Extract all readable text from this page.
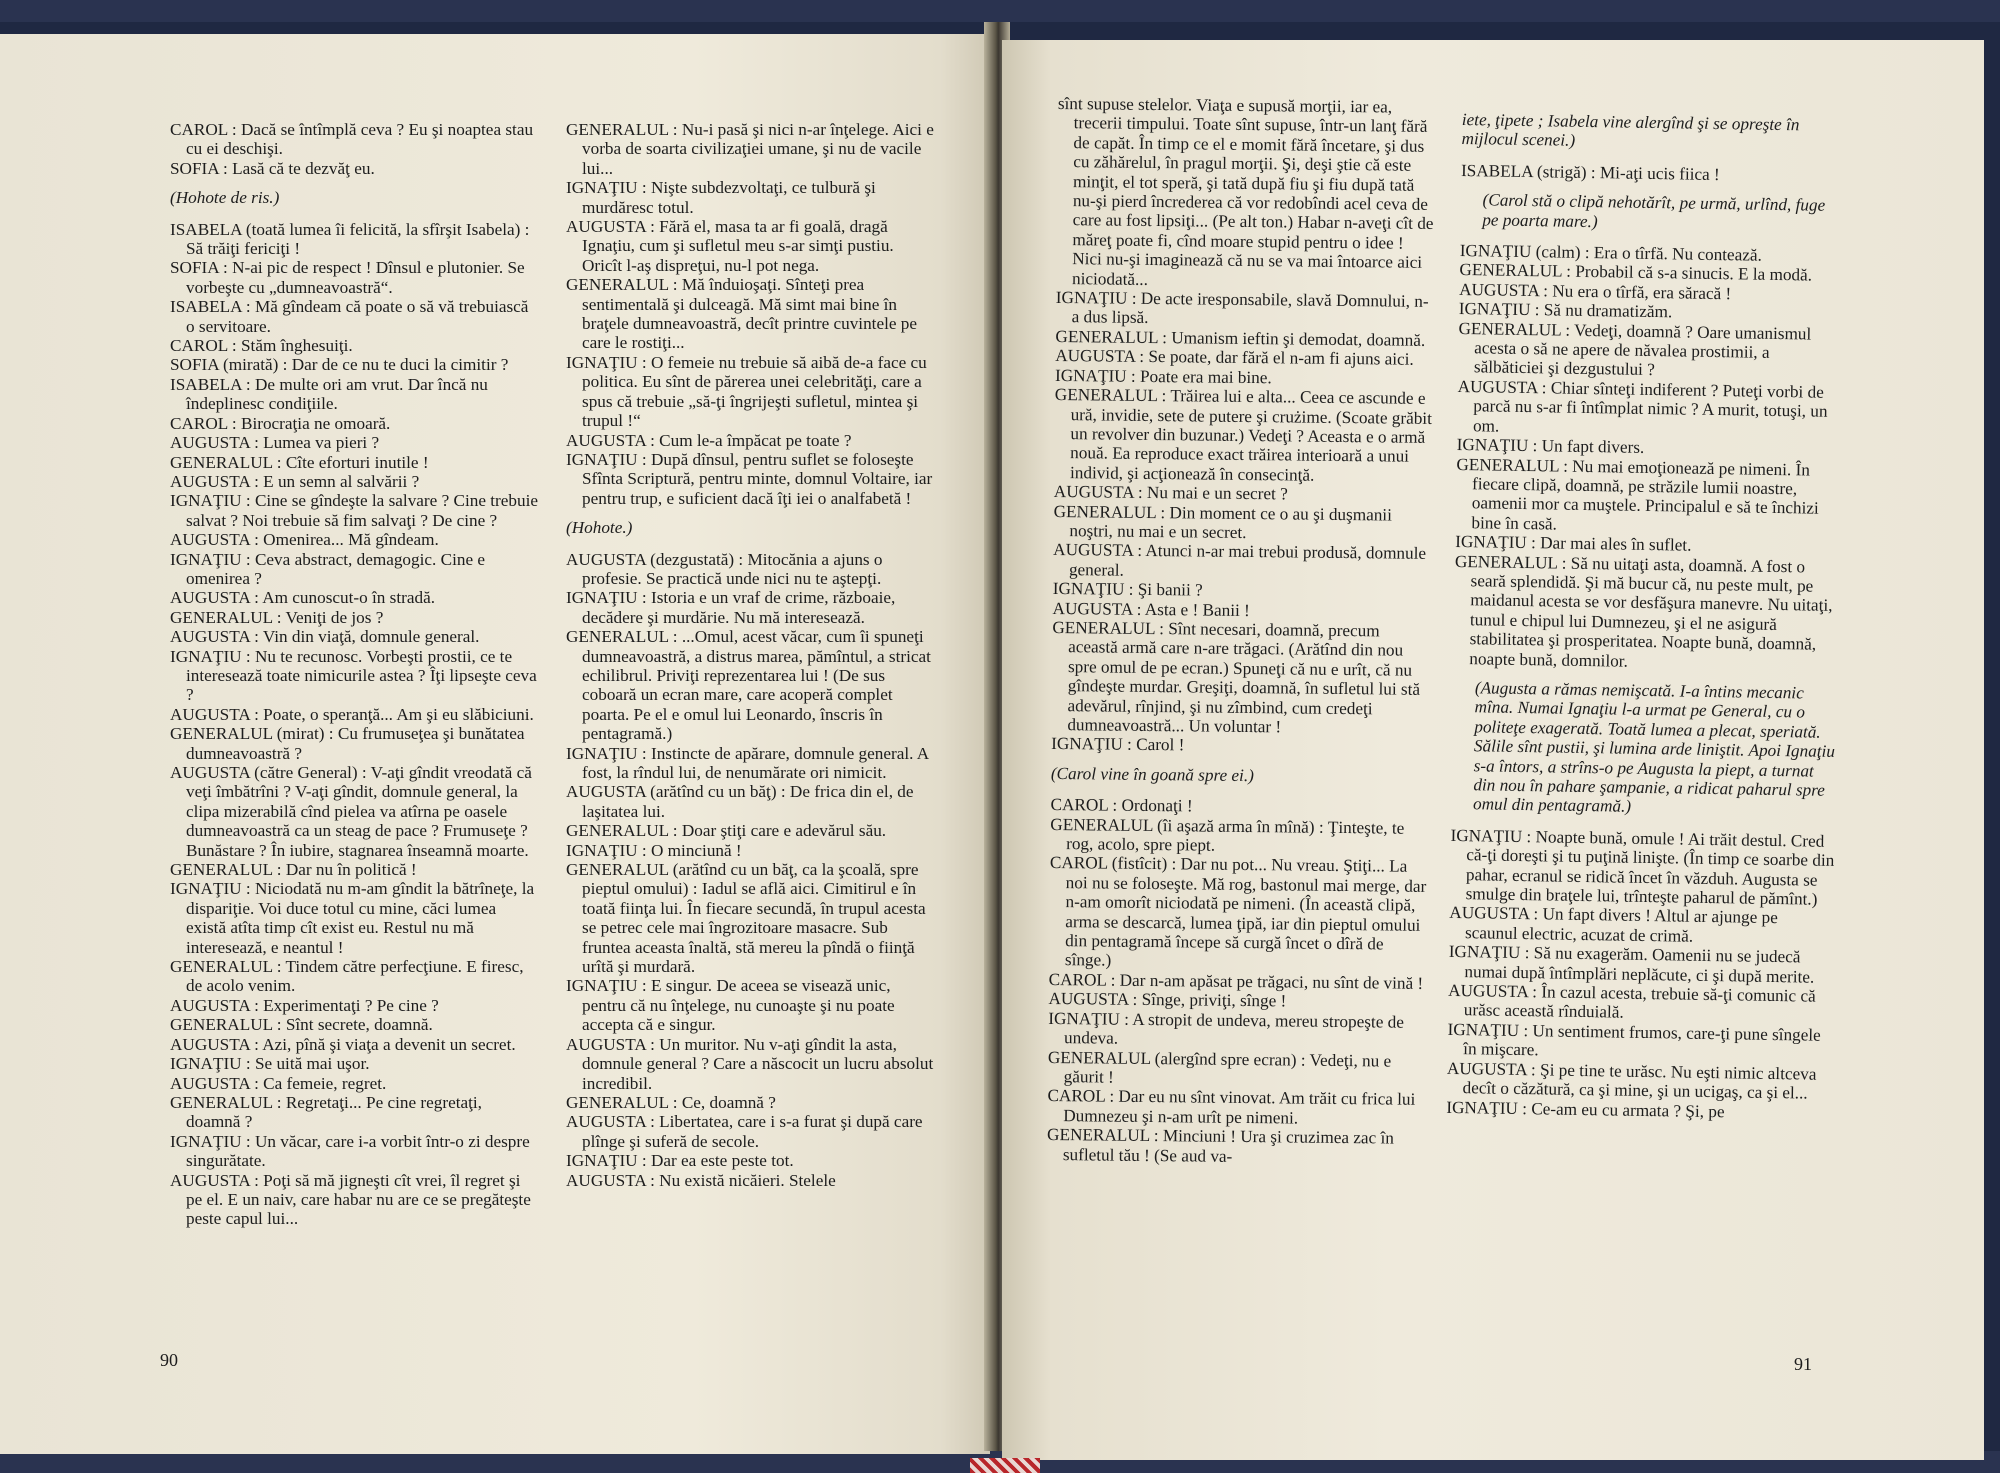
CAROL : Dacă se întîmplă ceva ? Eu şi noaptea stau cu ei deschişi.

SOFIA : Lasă că te dezvăţ eu.

(Hohote de ris.)

ISABELA (toată lumea îi felicită, la sfîrşit Isabela) : Să trăiţi fericiţi !

SOFIA : N-ai pic de respect ! Dînsul e plutonier. Se vorbeşte cu „dumneavoastră“.

ISABELA : Mă gîndeam că poate o să vă trebuiască o servitoare.

CAROL : Stăm înghesuiţi.

SOFIA (mirată) : Dar de ce nu te duci la cimitir ?

ISABELA : De multe ori am vrut. Dar încă nu îndeplinesc condiţiile.

CAROL : Birocraţia ne omoară.

AUGUSTA : Lumea va pieri ?

GENERALUL : Cîte eforturi inutile !

AUGUSTA : E un semn al salvării ?

IGNAŢIU : Cine se gîndeşte la salvare ? Cine trebuie salvat ? Noi trebuie să fim salvaţi ? De cine ?

AUGUSTA : Omenirea... Mă gîndeam.

IGNAŢIU : Ceva abstract, demagogic. Cine e omenirea ?

AUGUSTA : Am cunoscut-o în stradă.

GENERALUL : Veniţi de jos ?

AUGUSTA : Vin din viaţă, domnule general.

IGNAŢIU : Nu te recunosc. Vorbeşti prostii, ce te interesează toate nimicurile astea ? Îţi lipseşte ceva ?

AUGUSTA : Poate, o speranţă... Am şi eu slăbiciuni.

GENERALUL (mirat) : Cu frumuseţea şi bunătatea dumneavoastră ?

AUGUSTA (către General) : V-aţi gîndit vreodată că veţi îmbătrîni ? V-aţi gîndit, domnule general, la clipa mizerabilă cînd pielea va atîrna pe oasele dumneavoastră ca un steag de pace ? Frumuseţe ? Bunăstare ? În iubire, stagnarea înseamnă moarte.

GENERALUL : Dar nu în politică !

IGNAŢIU : Niciodată nu m-am gîndit la bătrîneţe, la dispariţie. Voi duce totul cu mine, căci lumea există atîta timp cît exist eu. Restul nu mă interesează, e neantul !

GENERALUL : Tindem către perfecţiune. E firesc, de acolo venim.

AUGUSTA : Experimentaţi ? Pe cine ?

GENERALUL : Sînt secrete, doamnă.

AUGUSTA : Azi, pînă şi viaţa a devenit un secret.

IGNAŢIU : Se uită mai uşor.

AUGUSTA : Ca femeie, regret.

GENERALUL : Regretaţi... Pe cine regretaţi, doamnă ?

IGNAŢIU : Un văcar, care i-a vorbit într-o zi despre singurătate.

AUGUSTA : Poţi să mă jigneşti cît vrei, îl regret şi pe el. E un naiv, care habar nu are ce se pregăteşte peste capul lui...

GENERALUL : Nu-i pasă şi nici n-ar înţelege. Aici e vorba de soarta civilizaţiei umane, şi nu de vacile lui...

IGNAŢIU : Nişte subdezvoltaţi, ce tulbură şi murdăresc totul.

AUGUSTA : Fără el, masa ta ar fi goală, dragă Ignaţiu, cum şi sufletul meu s-ar simţi pustiu. Oricît l-aş dispreţui, nu-l pot nega.

GENERALUL : Mă înduioşaţi. Sînteţi prea sentimentală şi dulceagă. Mă simt mai bine în braţele dumneavoastră, decît printre cuvintele pe care le rostiţi...

IGNAŢIU : O femeie nu trebuie să aibă de-a face cu politica. Eu sînt de părerea unei celebrităţi, care a spus că trebuie „să-ţi îngrijeşti sufletul, mintea şi trupul !“

AUGUSTA : Cum le-a împăcat pe toate ?

IGNAŢIU : După dînsul, pentru suflet se foloseşte Sfînta Scriptură, pentru minte, domnul Voltaire, iar pentru trup, e suficient dacă îţi iei o analfabetă !

(Hohote.)

AUGUSTA (dezgustată) : Mitocănia a ajuns o profesie. Se practică unde nici nu te aştepţi.

IGNAŢIU : Istoria e un vraf de crime, războaie, decădere şi murdărie. Nu mă interesează.

GENERALUL : ...Omul, acest văcar, cum îi spuneţi dumneavoastră, a distrus marea, pămîntul, a stricat echilibrul. Priviţi reprezentarea lui ! (De sus coboară un ecran mare, care acoperă complet poarta. Pe el e omul lui Leonardo, înscris în pentagramă.)

IGNAŢIU : Instincte de apărare, domnule general. A fost, la rîndul lui, de nenumărate ori nimicit.

AUGUSTA (arătînd cu un băţ) : De frica din el, de laşitatea lui.

GENERALUL : Doar ştiţi care e adevărul său.

IGNAŢIU : O minciună !

GENERALUL (arătînd cu un băţ, ca la şcoală, spre pieptul omului) : Iadul se află aici. Cimitirul e în toată fiinţa lui. În fiecare secundă, în trupul acesta se petrec cele mai îngrozitoare masacre. Sub fruntea aceasta înaltă, stă mereu la pîndă o fiinţă urîtă şi murdară.

IGNAŢIU : E singur. De aceea se visează unic, pentru că nu înţelege, nu cunoaşte şi nu poate accepta că e singur.

AUGUSTA : Un muritor. Nu v-aţi gîndit la asta, domnule general ? Care a născocit un lucru absolut incredibil.

GENERALUL : Ce, doamnă ?

AUGUSTA : Libertatea, care i s-a furat şi după care plînge şi suferă de secole.

IGNAŢIU : Dar ea este peste tot.

AUGUSTA : Nu există nicăieri. Stelele

90

sînt supuse stelelor. Viaţa e supusă morţii, iar ea, trecerii timpului. Toate sînt supuse, într-un lanţ fără de capăt. În timp ce el e momit fără încetare, şi dus cu zăhărelul, în pragul morţii. Şi, deşi ştie că este minţit, el tot speră, şi tată după fiu şi fiu după tată nu-şi pierd încrederea că vor redobîndi acel ceva de care au fost lipsiţi... (Pe alt ton.) Habar n-aveţi cît de măreţ poate fi, cînd moare stupid pentru o idee ! Nici nu-şi imaginează că nu se va mai întoarce aici niciodată...

IGNAŢIU : De acte iresponsabile, slavă Domnului, n-a dus lipsă.

GENERALUL : Umanism ieftin şi demodat, doamnă.

AUGUSTA : Se poate, dar fără el n-am fi ajuns aici.

IGNAŢIU : Poate era mai bine.

GENERALUL : Trăirea lui e alta... Ceea ce ascunde e ură, invidie, sete de putere şi crużime. (Scoate grăbit un revolver din buzunar.) Vedeţi ? Aceasta e o armă nouă. Ea reproduce exact trăirea interioară a unui individ, şi acţionează în consecinţă.

AUGUSTA : Nu mai e un secret ?

GENERALUL : Din moment ce o au şi duşmanii noştri, nu mai e un secret.

AUGUSTA : Atunci n-ar mai trebui produsă, domnule general.

IGNAŢIU : Şi banii ?

AUGUSTA : Asta e ! Banii !

GENERALUL : Sînt necesari, doamnă, precum această armă care n-are trăgaci. (Arătînd din nou spre omul de pe ecran.) Spuneţi că nu e urît, că nu gîndeşte murdar. Greşiţi, doamnă, în sufletul lui stă adevărul, rînjind, şi nu zîmbind, cum credeţi dumneavoastră... Un voluntar !

IGNAŢIU : Carol !

(Carol vine în goană spre ei.)

CAROL : Ordonaţi !

GENERALUL (îi aşază arma în mînă) : Ţinteşte, te rog, acolo, spre piept.

CAROL (fistîcit) : Dar nu pot... Nu vreau. Ştiţi... La noi nu se foloseşte. Mă rog, bastonul mai merge, dar n-am omorît niciodată pe nimeni. (În această clipă, arma se descarcă, lumea ţipă, iar din pieptul omului din pentagramă începe să curgă încet o dîră de sînge.)

CAROL : Dar n-am apăsat pe trăgaci, nu sînt de vină !

AUGUSTA : Sînge, priviţi, sînge !

IGNAŢIU : A stropit de undeva, mereu stropeşte de undeva.

GENERALUL (alergînd spre ecran) : Vedeţi, nu e găurit !

CAROL : Dar eu nu sînt vinovat. Am trăit cu frica lui Dumnezeu şi n-am urît pe nimeni.

GENERALUL : Minciuni ! Ura şi cruzimea zac în sufletul tău ! (Se aud va-

iete, ţipete ; Isabela vine alergînd şi se opreşte în mijlocul scenei.)

ISABELA (strigă) : Mi-aţi ucis fiica !

(Carol stă o clipă nehotărît, pe urmă, urlînd, fuge pe poarta mare.)

IGNAŢIU (calm) : Era o tîrfă. Nu contează.

GENERALUL : Probabil că s-a sinucis. E la modă.

AUGUSTA : Nu era o tîrfă, era săracă !

IGNAŢIU : Să nu dramatizăm.

GENERALUL : Vedeţi, doamnă ? Oare umanismul acesta o să ne apere de năvalea prostimii, a sălbăticiei şi dezgustului ?

AUGUSTA : Chiar sînteţi indiferent ? Puteţi vorbi de parcă nu s-ar fi întîmplat nimic ? A murit, totuşi, un om.

IGNAŢIU : Un fapt divers.

GENERALUL : Nu mai emoţionează pe nimeni. În fiecare clipă, doamnă, pe străzile lumii noastre, oamenii mor ca muştele. Principalul e să te închizi bine în casă.

IGNAŢIU : Dar mai ales în suflet.

GENERALUL : Să nu uitaţi asta, doamnă. A fost o seară splendidă. Şi mă bucur că, nu peste mult, pe maidanul acesta se vor desfăşura manevre. Nu uitaţi, tunul e chipul lui Dumnezeu, şi el ne asigură stabilitatea şi prosperitatea. Noapte bună, doamnă, noapte bună, domnilor.

(Augusta a rămas nemişcată. I-a întins mecanic mîna. Numai Ignaţiu l-a urmat pe General, cu o politeţe exagerată. Toată lumea a plecat, speriată. Sălile sînt pustii, şi lumina arde liniştit. Apoi Ignaţiu s-a întors, a strîns-o pe Augusta la piept, a turnat din nou în pahare şampanie, a ridicat paharul spre omul din pentagramă.)

IGNAŢIU : Noapte bună, omule ! Ai trăit destul. Cred că-ţi doreşti şi tu puţină linişte. (În timp ce soarbe din pahar, ecranul se ridică încet în văzduh. Augusta se smulge din braţele lui, trînteşte paharul de pămînt.)

AUGUSTA : Un fapt divers ! Altul ar ajunge pe scaunul electric, acuzat de crimă.

IGNAŢIU : Să nu exagerăm. Oamenii nu se judecă numai după întîmplări neplăcute, ci şi după merite.

AUGUSTA : În cazul acesta, trebuie să-ţi comunic că urăsc această rînduială.

IGNAŢIU : Un sentiment frumos, care-ţi pune sîngele în mişcare.

AUGUSTA : Şi pe tine te urăsc. Nu eşti nimic altceva decît o căzătură, ca şi mine, şi un ucigaş, ca şi el...

IGNAŢIU : Ce-am eu cu armata ? Şi, pe

91
